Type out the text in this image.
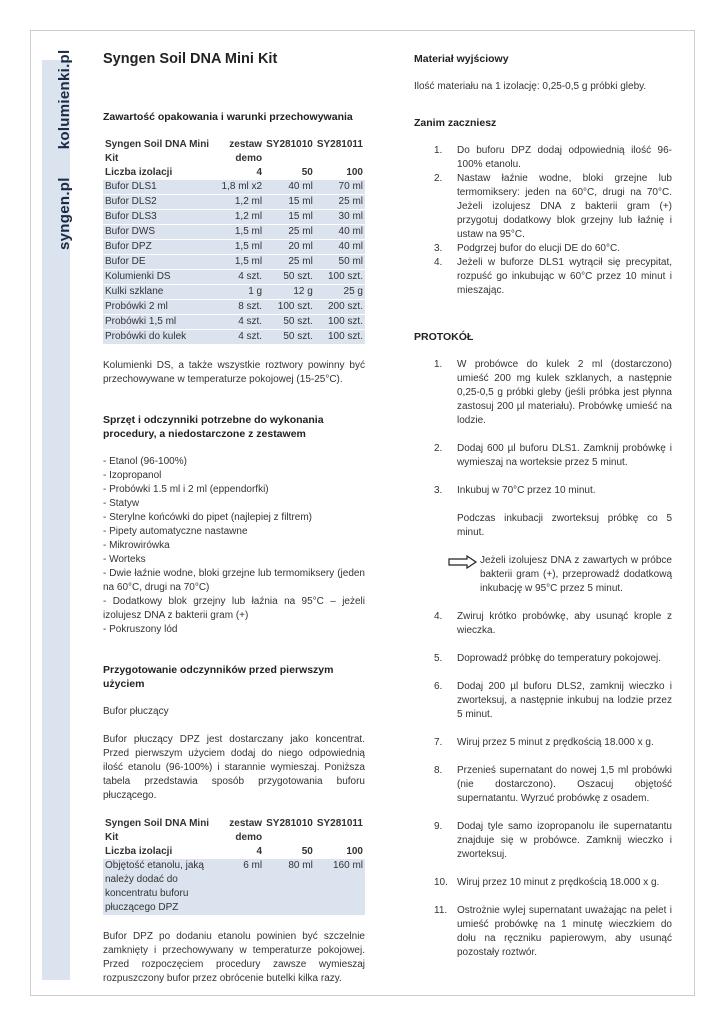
syngen.plkolumienki.pl Syngen Soil DNA Mini Kit

Zawartość opakowania i warunki przechowywania

Syngen Soil DNA Mini Kit	zestaw demo	SY281010	SY281011
Liczba izolacji	4	50	100
Bufor DLS1	1,8 ml x2	40 ml	70 ml
Bufor DLS2	1,2 ml	15 ml	25 ml
Bufor DLS3	1,2 ml	15 ml	30 ml
Bufor DWS	1,5 ml	25 ml	40 ml
Bufor DPZ	1,5 ml	20 ml	40 ml
Bufor DE	1,5 ml	25 ml	50 ml
Kolumienki DS	4 szt.	50 szt.	100 szt.
Kulki szklane	1 g	12 g	25 g
Probówki 2 ml	8 szt.	100 szt.	200 szt.
Probówki 1,5 ml	4 szt.	50 szt.	100 szt.
Probówki do kulek	4 szt.	50 szt.	100 szt.

Kolumienki DS, a także wszystkie roztwory powinny być przechowywane w temperaturze pokojowej (15-25°C).

Sprzęt i odczynniki potrzebne do wykonania procedury, a niedostarczone z zestawem

- Etanol (96-100%)
- Izopropanol
- Probówki 1.5 ml i 2 ml (eppendorfki)
- Statyw
- Sterylne końcówki do pipet (najlepiej z filtrem)
- Pipety automatyczne nastawne
- Mikrowirówka
- Worteks
- Dwie łaźnie wodne, bloki grzejne lub termomiksery (jeden na 60°C, drugi na 70°C)
- Dodatkowy blok grzejny lub łaźnia na 95°C – jeżeli izolujesz DNA z bakterii gram (+)
- Pokruszony lód

Przygotowanie odczynników przed pierwszym użyciem

Bufor płuczący

Bufor płuczący DPZ jest dostarczany jako koncentrat. Przed pierwszym użyciem dodaj do niego odpowiednią ilość etanolu (96-100%) i starannie wymieszaj. Poniższa tabela przedstawia sposób przygotowania buforu płuczącego.

Syngen Soil DNA Mini Kit	zestaw demo	SY281010	SY281011
Liczba izolacji	4	50	100
Objętość etanolu, jaką należy dodać do koncentratu buforu płuczącego DPZ	6 ml	80 ml	160 ml

Bufor DPZ po dodaniu etanolu powinien być szczelnie zamknięty i przechowywany w temperaturze pokojowej. Przed rozpoczęciem procedury zawsze wymieszaj rozpuszczony bufor przez obrócenie butelki kilka razy.

Materiał wyjściowy

Ilość materiału na 1 izolację: 0,25-0,5 g próbki gleby.

Zanim zaczniesz

1. Do buforu DPZ dodaj odpowiednią ilość 96-100% etanolu.
2. Nastaw łaźnie wodne, bloki grzejne lub termomiksery: jeden na 60°C, drugi na 70°C. Jeżeli izolujesz DNA z bakterii gram (+) przygotuj dodatkowy blok grzejny lub łaźnię i ustaw na 95°C.
3. Podgrzej bufor do elucji DE do 60°C.
4. Jeżeli w buforze DLS1 wytrącił się precypitat, rozpuść go inkubując w 60°C przez 10 minut i mieszając.

PROTOKÓŁ

1. W probówce do kulek 2 ml (dostarczono) umieść 200 mg kulek szklanych, a następnie 0,25-0,5 g próbki gleby (jeśli próbka jest płynna zastosuj 200 µl materiału). Probówkę umieść na lodzie.
2. Dodaj 600 µl buforu DLS1. Zamknij probówkę i wymieszaj na worteksie przez 5 minut.
3. Inkubuj w 70°C przez 10 minut.
Podczas inkubacji zworteksuj próbkę co 5 minut.
Jeżeli izolujesz DNA z zawartych w próbce bakterii gram (+), przeprowadź dodatkową inkubację w 95°C przez 5 minut.
4. Zwiruj krótko probówkę, aby usunąć krople z wieczka.
5. Doprowadź próbkę do temperatury pokojowej.
6. Dodaj 200 µl buforu DLS2, zamknij wieczko i zworteksuj, a następnie inkubuj na lodzie przez 5 minut.
7. Wiruj przez 5 minut z prędkością 18.000 x g.
8. Przenieś supernatant do nowej 1,5 ml probówki (nie dostarczono). Oszacuj objętość supernatantu. Wyrzuć probówkę z osadem.
9. Dodaj tyle samo izopropanolu ile supernatantu znajduje się w probówce. Zamknij wieczko i zworteksuj.
10. Wiruj przez 10 minut z prędkością 18.000 x g.
11. Ostrożnie wylej supernatant uważając na pelet i umieść probówkę na 1 minutę wieczkiem do dołu na ręczniku papierowym, aby usunąć pozostały roztwór.
